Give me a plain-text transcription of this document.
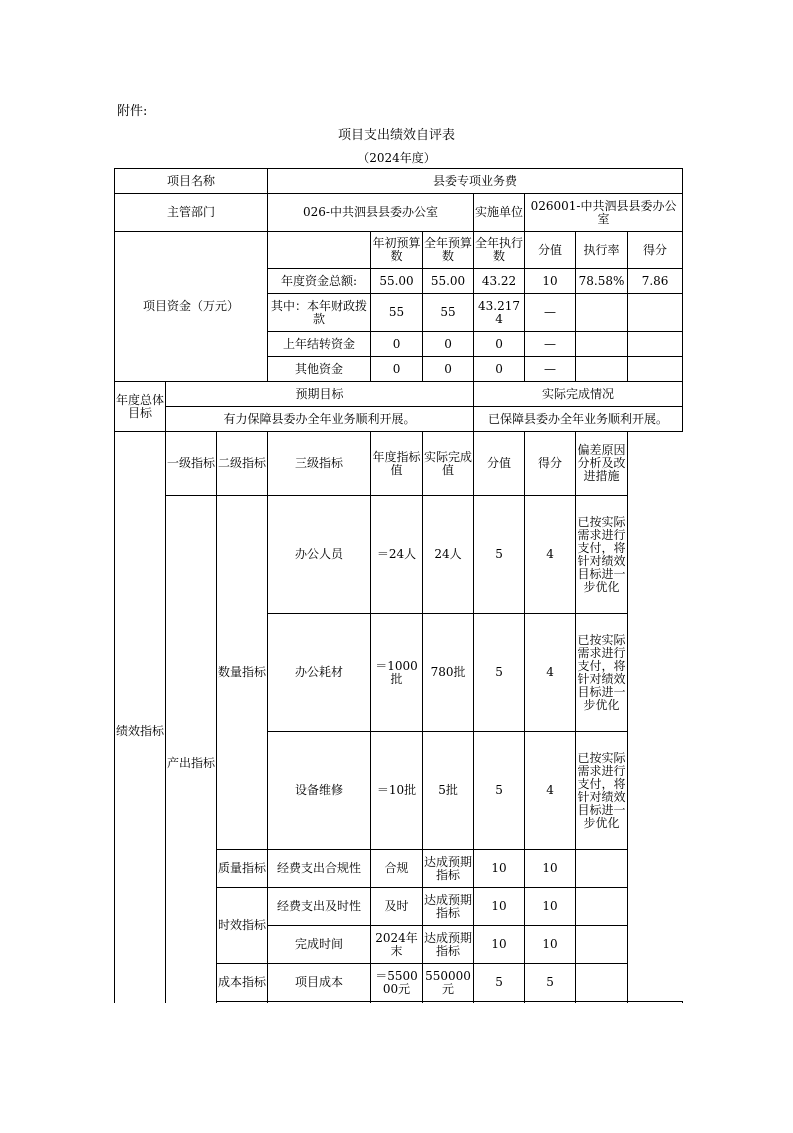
附件:
项目支出绩效自评表
（2024年度）
项目名称			县委专项业务费						
主管部门			026-中共泗县县委办公室			实施单位	026001-中共泗县县委办公室		
项目资金（万元）				年初预算数	全年预算数	全年执行数	分值	执行率	得分
			年度资金总额:	55.00	55.00	43.22	10	78.58%	7.86
			其中：本年财政拨款	55	55	43.2174	—		
			上年结转资金	0	0	0	—		
			其他资金	0	0	0	—		
年度总体目标	预期目标					实际完成情况			
	有力保障县委办全年业务顺利开展。					已保障县委办全年业务顺利开展。			
绩效指标	一级指标	二级指标	三级指标	年度指标值	实际完成值	分值	得分	偏差原因分析及改进措施	
	产出指标	数量指标	办公人员	＝24人	24人	5	4	已按实际需求进行支付，将针对绩效目标进一步优化	
			办公耗材	＝1000批	780批	5	4	已按实际需求进行支付，将针对绩效目标进一步优化	
			设备维修	＝10批	5批	5	4	已按实际需求进行支付，将针对绩效目标进一步优化	
		质量指标	经费支出合规性	合规	达成预期指标	10	10		
		时效指标	经费支出及时性	及时	达成预期指标	10	10		
			完成时间	2024年末	达成预期指标	10	10		
		成本指标	项目成本	＝550000元	550000元	5	5		
